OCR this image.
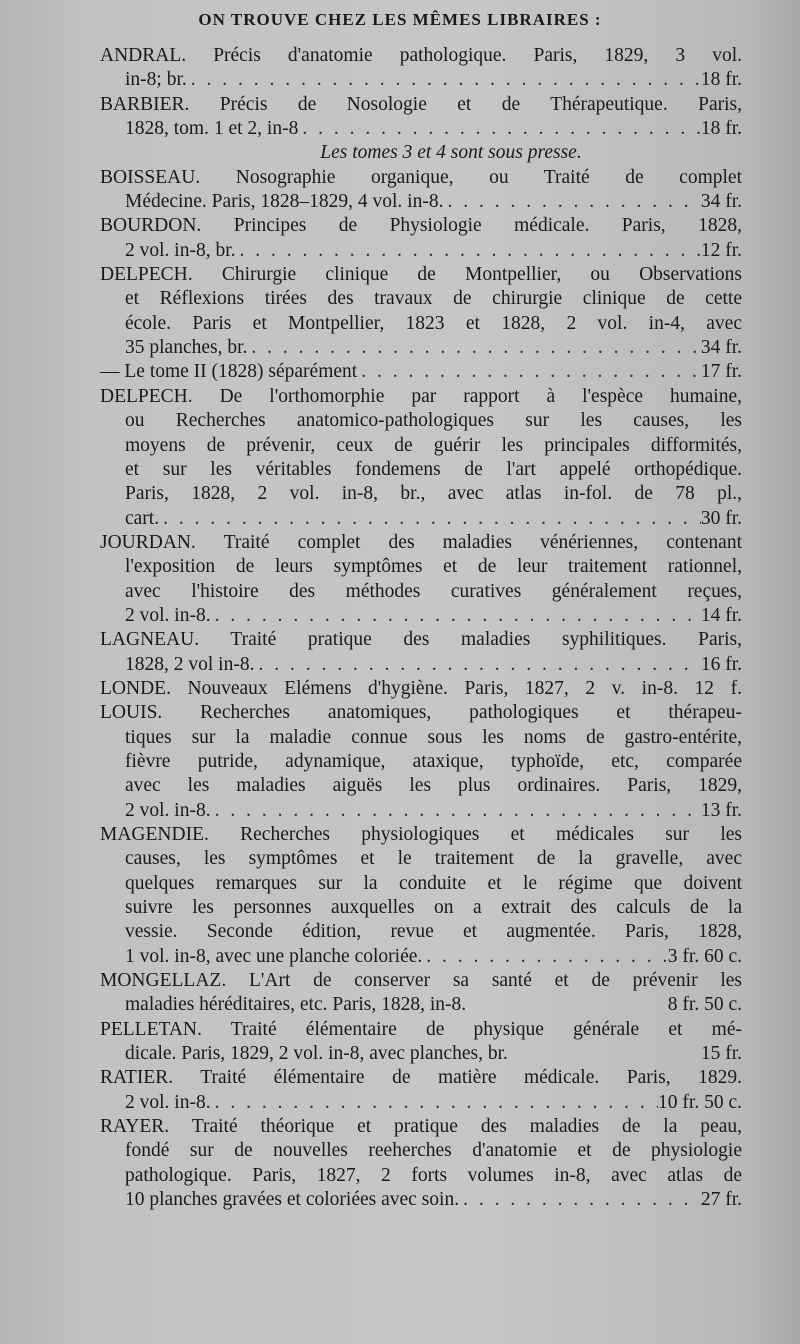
ON TROUVE CHEZ LES MÊMES LIBRAIRES :
ANDRAL. Précis d'anatomie pathologique. Paris, 1829, 3 vol.
in-8; br. . . .	18 fr.
BARBIER. Précis de Nosologie et de Thérapeutique. Paris,
1828, tom. 1 et 2, in-8 . . .	18 fr.
Les tomes 3 et 4 sont sous presse.
BOISSEAU. Nosographie organique, ou Traité de complet
Médecine. Paris, 1828–1829, 4 vol. in-8. . . .	34 fr.
BOURDON. Principes de Physiologie médicale. Paris, 1828,
2 vol. in-8, br. . . .	12 fr.
DELPECH. Chirurgie clinique de Montpellier, ou Observations
et Réflexions tirées des travaux de chirurgie clinique de cette
école. Paris et Montpellier, 1823 et 1828, 2 vol. in-4, avec
35 planches, br. . . .	34 fr.
— Le tome II (1828) séparément . . .	17 fr.
DELPECH. De l'orthomorphie par rapport à l'espèce humaine,
ou Recherches anatomico-pathologiques sur les causes, les
moyens de prévenir, ceux de guérir les principales difformités,
et sur les véritables fondemens de l'art appelé orthopédique.
Paris, 1828, 2 vol. in-8, br., avec atlas in-fol. de 78 pl.,
cart. . . .	30 fr.
JOURDAN. Traité complet des maladies vénériennes, contenant
l'exposition de leurs symptômes et de leur traitement rationnel,
avec l'histoire des méthodes curatives généralement reçues,
2 vol. in-8. . . .	14 fr.
LAGNEAU. Traité pratique des maladies syphilitiques. Paris,
1828, 2 vol in-8. . . .	16 fr.
LONDE. Nouveaux Elémens d'hygiène. Paris, 1827, 2 v. in-8. 12 f.
LOUIS. Recherches anatomiques, pathologiques et thérapeu-
tiques sur la maladie connue sous les noms de gastro-entérite,
fièvre putride, adynamique, ataxique, typhoïde, etc, comparée
avec les maladies aiguës les plus ordinaires. Paris, 1829,
2 vol. in-8. . . .	13 fr.
MAGENDIE. Recherches physiologiques et médicales sur les
causes, les symptômes et le traitement de la gravelle, avec
quelques remarques sur la conduite et le régime que doivent
suivre les personnes auxquelles on a extrait des calculs de la
vessie. Seconde édition, revue et augmentée. Paris, 1828,
1 vol. in-8, avec une planche coloriée. . . .	3 fr. 60 c.
MONGELLAZ. L'Art de conserver sa santé et de prévenir les
maladies héréditaires, etc. Paris, 1828, in-8.	8 fr. 50 c.
PELLETAN. Traité élémentaire de physique générale et mé-
dicale. Paris, 1829, 2 vol. in-8, avec planches, br.	15 fr.
RATIER. Traité élémentaire de matière médicale. Paris, 1829.
2 vol. in-8. . . .	10 fr. 50 c.
RAYER. Traité théorique et pratique des maladies de la peau,
fondé sur de nouvelles reeherches d'anatomie et de physiologie
pathologique. Paris, 1827, 2 forts volumes in-8, avec atlas de
10 planches gravées et coloriées avec soin. . . .	27 fr.
